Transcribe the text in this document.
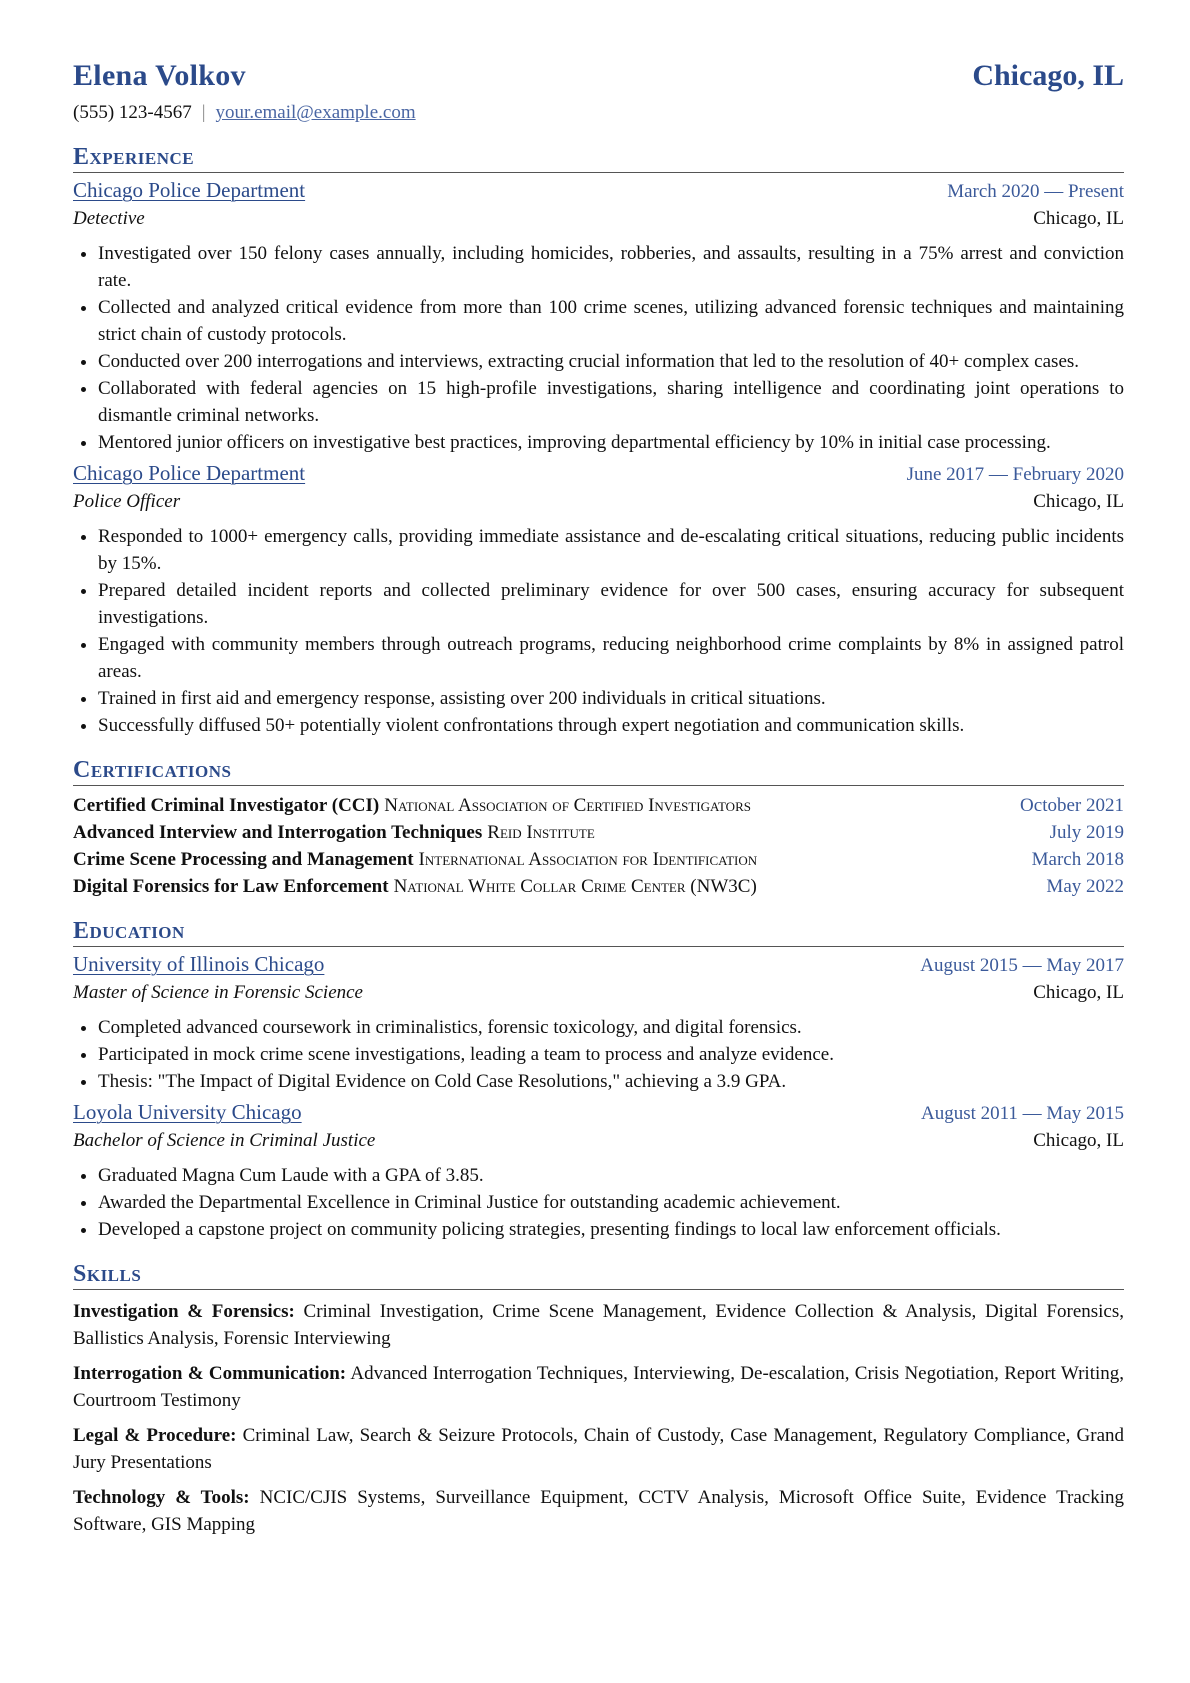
Elena Volkov	Chicago, IL
(555) 123-4567 | your.email@example.com
Experience
Chicago Police Department	March 2020 — Present
Detective	Chicago, IL
• Investigated over 150 felony cases annually, including homicides, robberies, and assaults, resulting in a 75% arrest and conviction rate.
• Collected and analyzed critical evidence from more than 100 crime scenes, utilizing advanced forensic techniques and maintaining strict chain of custody protocols.
• Conducted over 200 interrogations and interviews, extracting crucial information that led to the resolution of 40+ complex cases.
• Collaborated with federal agencies on 15 high-profile investigations, sharing intelligence and coordinating joint operations to dismantle criminal networks.
• Mentored junior officers on investigative best practices, improving departmental efficiency by 10% in initial case processing.
Chicago Police Department	June 2017 — February 2020
Police Officer	Chicago, IL
• Responded to 1000+ emergency calls, providing immediate assistance and de-escalating critical situations, reducing public incidents by 15%.
• Prepared detailed incident reports and collected preliminary evidence for over 500 cases, ensuring accuracy for subsequent investigations.
• Engaged with community members through outreach programs, reducing neighborhood crime complaints by 8% in assigned patrol areas.
• Trained in first aid and emergency response, assisting over 200 individuals in critical situations.
• Successfully diffused 50+ potentially violent confrontations through expert negotiation and communication skills.
Certifications
Certified Criminal Investigator (CCI) National Association of Certified Investigators	October 2021
Advanced Interview and Interrogation Techniques Reid Institute	July 2019
Crime Scene Processing and Management International Association for Identification	March 2018
Digital Forensics for Law Enforcement National White Collar Crime Center (NW3C)	May 2022
Education
University of Illinois Chicago	August 2015 — May 2017
Master of Science in Forensic Science	Chicago, IL
• Completed advanced coursework in criminalistics, forensic toxicology, and digital forensics.
• Participated in mock crime scene investigations, leading a team to process and analyze evidence.
• Thesis: "The Impact of Digital Evidence on Cold Case Resolutions," achieving a 3.9 GPA.
Loyola University Chicago	August 2011 — May 2015
Bachelor of Science in Criminal Justice	Chicago, IL
• Graduated Magna Cum Laude with a GPA of 3.85.
• Awarded the Departmental Excellence in Criminal Justice for outstanding academic achievement.
• Developed a capstone project on community policing strategies, presenting findings to local law enforcement officials.
Skills
Investigation & Forensics: Criminal Investigation, Crime Scene Management, Evidence Collection & Analysis, Digital Forensics, Ballistics Analysis, Forensic Interviewing
Interrogation & Communication: Advanced Interrogation Techniques, Interviewing, De-escalation, Crisis Negotiation, Report Writing, Courtroom Testimony
Legal & Procedure: Criminal Law, Search & Seizure Protocols, Chain of Custody, Case Management, Regulatory Compliance, Grand Jury Presentations
Technology & Tools: NCIC/CJIS Systems, Surveillance Equipment, CCTV Analysis, Microsoft Office Suite, Evidence Tracking Software, GIS Mapping
